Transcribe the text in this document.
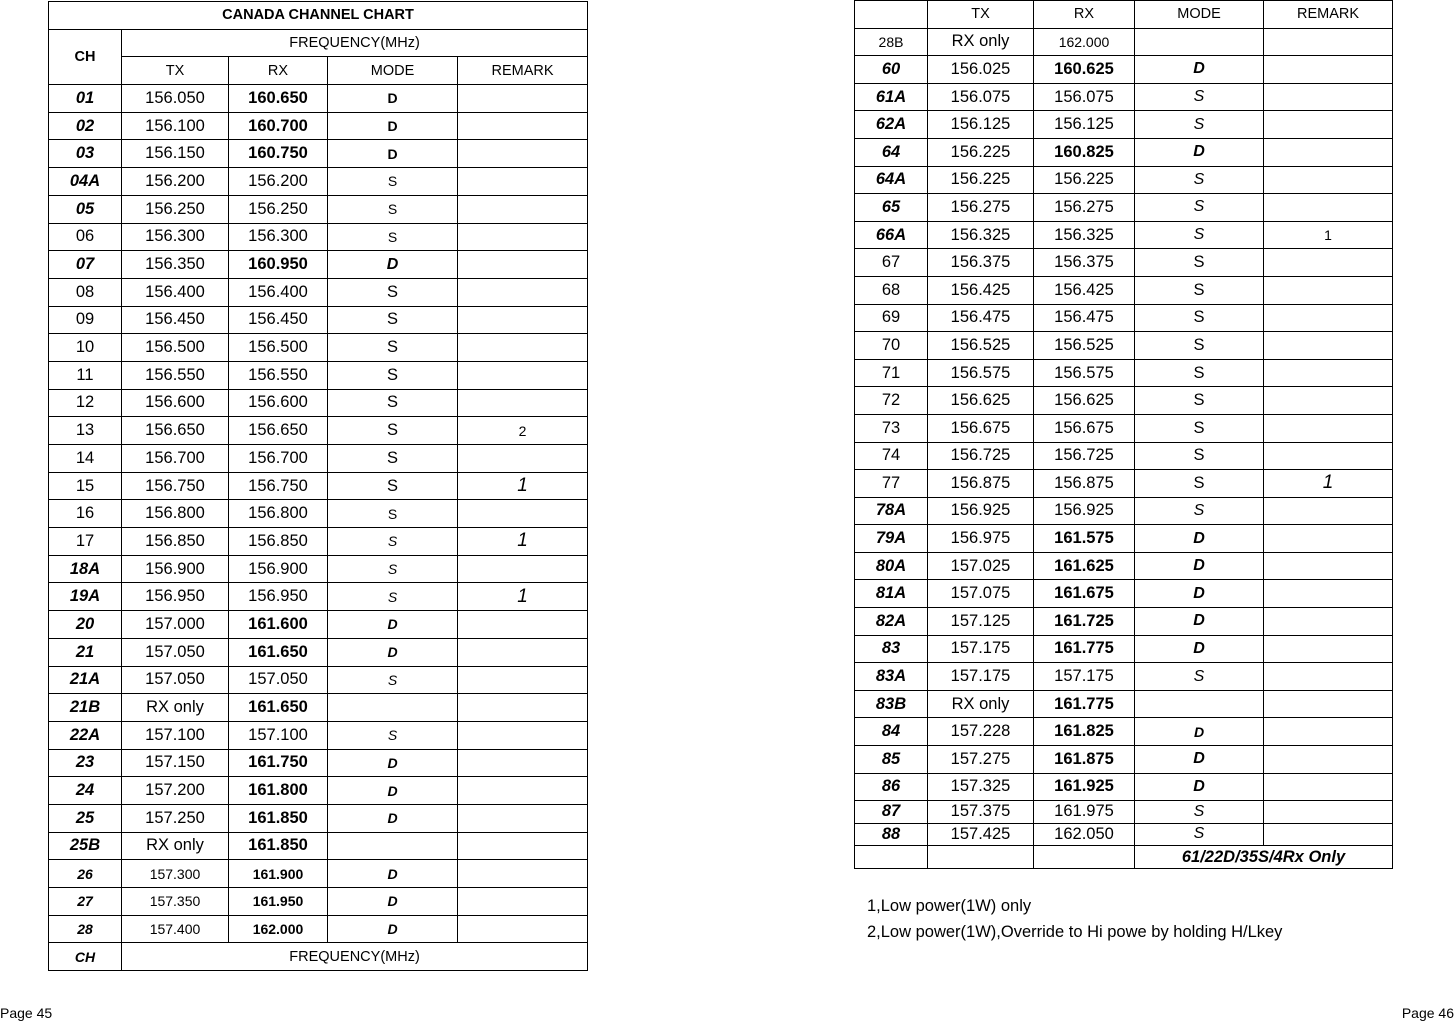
CANADA CHANNEL CHART				
CH	FREQUENCY(MHz)			
	TX	RX	MODE	REMARK
01	156.050	160.650	D	
02	156.100	160.700	D	
03	156.150	160.750	D	
04A	156.200	156.200	S	
05	156.250	156.250	S	
06	156.300	156.300	S	
07	156.350	160.950	D	
08	156.400	156.400	S	
09	156.450	156.450	S	
10	156.500	156.500	S	
11	156.550	156.550	S	
12	156.600	156.600	S	
13	156.650	156.650	S	2
14	156.700	156.700	S	
15	156.750	156.750	S	1
16	156.800	156.800	S	
17	156.850	156.850	S	1
18A	156.900	156.900	S	
19A	156.950	156.950	S	1
20	157.000	161.600	D	
21	157.050	161.650	D	
21A	157.050	157.050	S	
21B	RX only	161.650		
22A	157.100	157.100	S	
23	157.150	161.750	D	
24	157.200	161.800	D	
25	157.250	161.850	D	
25B	RX only	161.850		
26	157.300	161.900	D	
27	157.350	161.950	D	
28	157.400	162.000	D	
CH	FREQUENCY(MHz)			
	TX	RX	MODE	REMARK
28B	RX only	162.000		
60	156.025	160.625	D	
61A	156.075	156.075	S	
62A	156.125	156.125	S	
64	156.225	160.825	D	
64A	156.225	156.225	S	
65	156.275	156.275	S	
66A	156.325	156.325	S	1
67	156.375	156.375	S	
68	156.425	156.425	S	
69	156.475	156.475	S	
70	156.525	156.525	S	
71	156.575	156.575	S	
72	156.625	156.625	S	
73	156.675	156.675	S	
74	156.725	156.725	S	
77	156.875	156.875	S	1
78A	156.925	156.925	S	
79A	156.975	161.575	D	
80A	157.025	161.625	D	
81A	157.075	161.675	D	
82A	157.125	161.725	D	
83	157.175	161.775	D	
83A	157.175	157.175	S	
83B	RX only	161.775		
84	157.228	161.825	D	
85	157.275	161.875	D	
86	157.325	161.925	D	
87	157.375	161.975	S	
88	157.425	162.050	S	
			61/22D/35S/4Rx Only	
1,Low power(1W) only
2,Low power(1W),Override to Hi powe by holding H/Lkey
Page 45	Page 46
